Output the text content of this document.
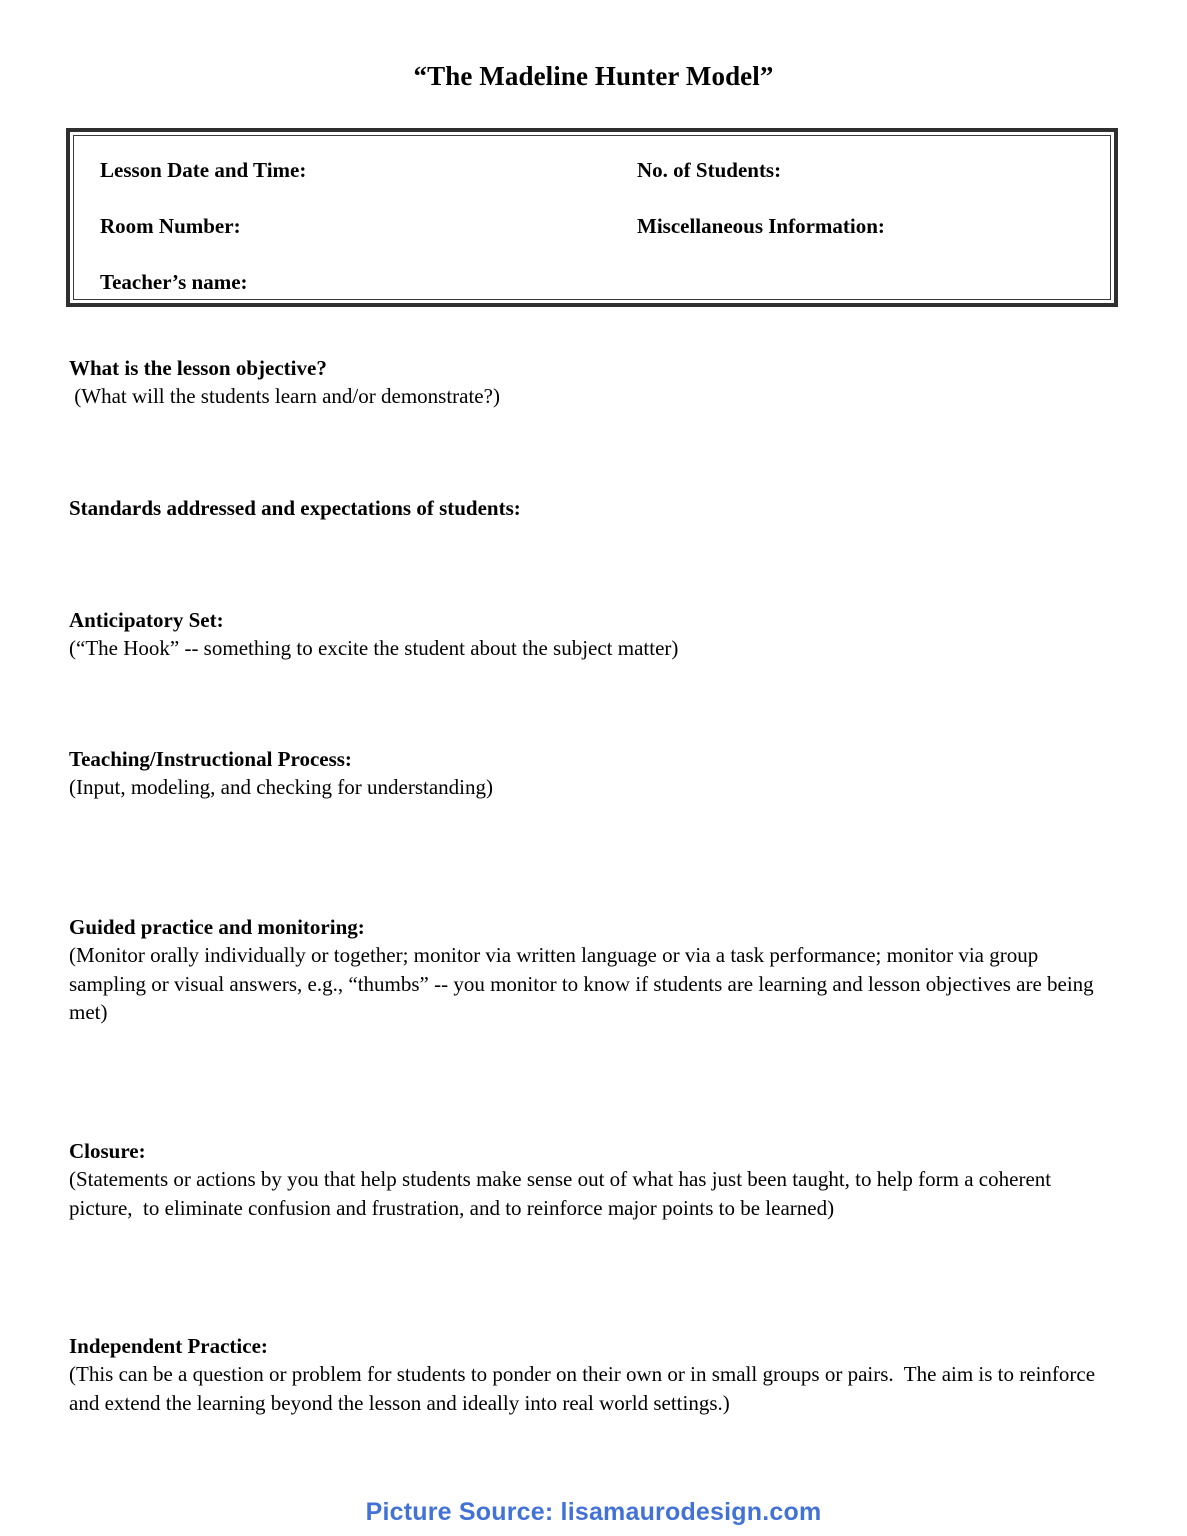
“The Madeline Hunter Model”
Lesson Date and Time:	No. of Students:
Room Number:	Miscellaneous Information:
Teacher’s name:

What is the lesson objective?

(What will the students learn and/or demonstrate?)

Standards addressed and expectations of students:

Anticipatory Set:

(“The Hook” -- something to excite the student about the subject matter)

Teaching/Instructional Process:

(Input, modeling, and checking for understanding)

Guided practice and monitoring:

(Monitor orally individually or together; monitor via written language or via a task performance; monitor via group sampling or visual answers, e.g., “thumbs” -- you monitor to know if students are learning and lesson objectives are being met)

Closure:

(Statements or actions by you that help students make sense out of what has just been taught, to help form a coherent picture,  to eliminate confusion and frustration, and to reinforce major points to be learned)

Independent Practice:

(This can be a question or problem for students to ponder on their own or in small groups or pairs.  The aim is to reinforce and extend the learning beyond the lesson and ideally into real world settings.)

Picture Source: lisamaurodesign.com
